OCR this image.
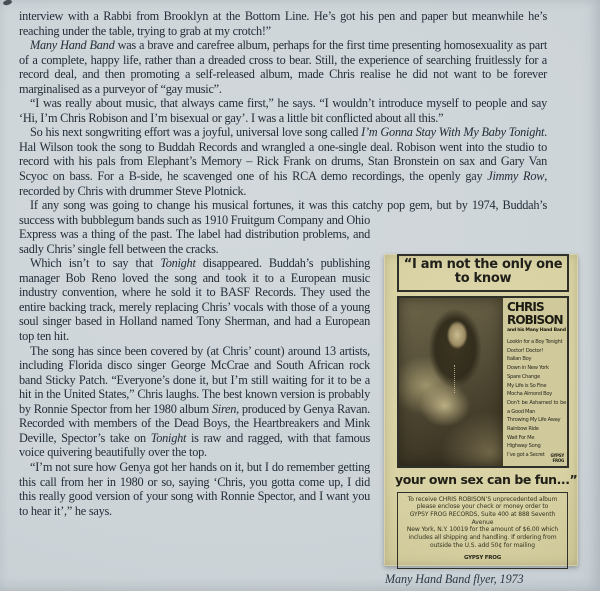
interview with a Rabbi from Brooklyn at the Bottom Line. He’s got his pen and paper but meanwhile he’s reaching under the table, trying to grab at my crotch!”

Many Hand Band was a brave and carefree album, perhaps for the first time presenting homosexuality as part of a complete, happy life, rather than a dreaded cross to bear. Still, the experience of searching fruitlessly for a record deal, and then promoting a self-released album, made Chris realise he did not want to be forever marginalised as a purveyor of “gay music”.

“I was really about music, that always came first,” he says. “I wouldn’t introduce myself to people and say ‘Hi, I’m Chris Robison and I’m bisexual or gay’. I was a little bit conflicted about all this.”

So his next songwriting effort was a joyful, universal love song called I’m Gonna Stay With My Baby Tonight. Hal Wilson took the song to Buddah Records and wrangled a one-single deal. Robison went into the studio to record with his pals from Elephant’s Memory – Rick Frank on drums, Stan Bronstein on sax and Gary Van Scyoc on bass. For a B-side, he scavenged one of his RCA demo recordings, the openly gay Jimmy Row, recorded by Chris with drummer Steve Plotnick.

If any song was going to change his musical fortunes, it was this catchy pop gem, but by 1974, Buddah’s success with bubblegum bands such as 1910 Fruitgum Company and Ohio Express was a thing of the past. The label had distribution problems, and sadly Chris’ single fell between the cracks.

Which isn’t to say that Tonight disappeared. Buddah’s publishing manager Bob Reno loved the song and took it to a European music industry convention, where he sold it to BASF Records. They used the entire backing track, merely replacing Chris’ vocals with those of a young soul singer based in Holland named Tony Sherman, and had a European top ten hit.

The song has since been covered by (at Chris’ count) around 13 artists, including Florida disco singer George McCrae and South African rock band Sticky Patch. “Everyone’s done it, but I’m still waiting for it to be a hit in the United States,” Chris laughs. The best known version is probably by Ronnie Spector from her 1980 album Siren, produced by Genya Ravan. Recorded with members of the Dead Boys, the Heartbreakers and Mink Deville, Spector’s take on Tonight is raw and ragged, with that famous voice quivering beautifully over the top.

“I’m not sure how Genya got her hands on it, but I do remember getting this call from her in 1980 or so, saying ‘Chris, you gotta come up, I did this really good version of your song with Ronnie Spector, and I want you to hear it’,” he says.

“I am not the only one
to know
CHRIS
ROBISON
and his Many Hand Band
Lookin for a Boy Tonight
Doctor! Doctor!
Italian Boy
Down in New York
Spare Change
My Life is So Fine
Mocha Almond Boy
Don’t be Ashamed to be a Good Man
Throwing My Life Away
Rainbow Ride
Wait For Me
Highway Song
I’ve got a Secret	GYPSY FROG
your own sex can be fun...”
To receive CHRIS ROBISON’S unprecedented album
please enclose your check or money order to
GYPSY FROG RECORDS, Suite 400 at 888 Seventh Avenue
New York, N.Y. 10019 for the amount of $6.00 which
includes all shipping and handling. If ordering from
outside the U.S. add 50¢ for mailing
GYPSY FROG
Many Hand Band flyer, 1973
